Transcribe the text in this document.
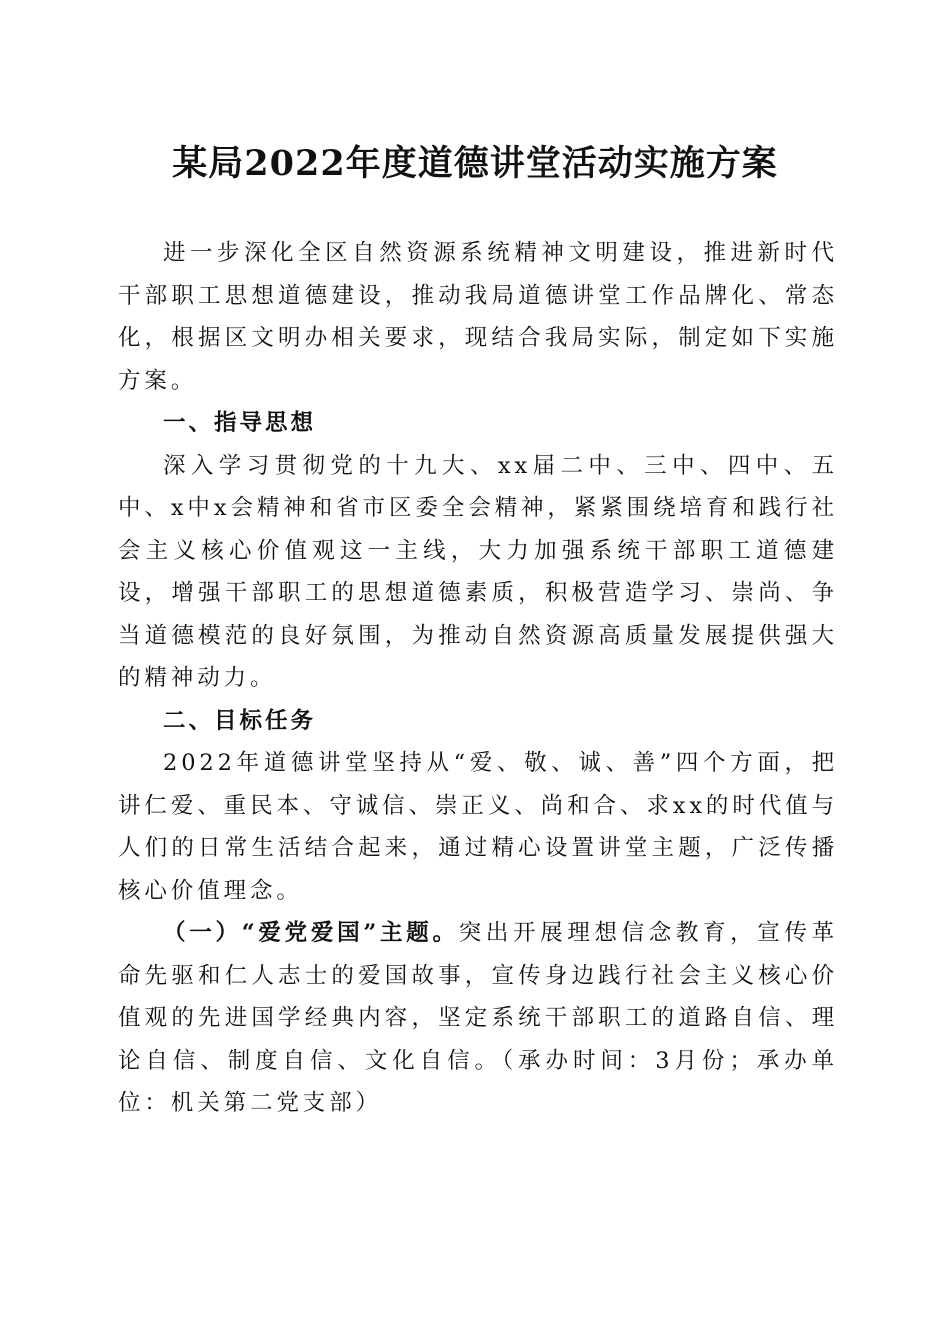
某局2022年度道德讲堂活动实施方案

进一步深化全区自然资源系统精神文明建设，推进新时代干部职工思想道德建设，推动我局道德讲堂工作品牌化、常态化，根据区文明办相关要求，现结合我局实际，制定如下实施方案。

一、指导思想

深入学习贯彻党的十九大、xx届二中、三中、四中、五中、x中x会精神和省市区委全会精神，紧紧围绕培育和践行社会主义核心价值观这一主线，大力加强系统干部职工道德建设，增强干部职工的思想道德素质，积极营造学习、崇尚、争当道德模范的良好氛围，为推动自然资源高质量发展提供强大的精神动力。

二、目标任务

2022年道德讲堂坚持从“爱、敬、诚、善”四个方面，把讲仁爱、重民本、守诚信、崇正义、尚和合、求xx的时代值与人们的日常生活结合起来，通过精心设置讲堂主题，广泛传播核心价值理念。

（一）“爱党爱国”主题。突出开展理想信念教育，宣传革命先驱和仁人志士的爱国故事，宣传身边践行社会主义核心价值观的先进国学经典内容，坚定系统干部职工的道路自信、理论自信、制度自信、文化自信。（承办时间：3月份；承办单位：机关第二党支部）
